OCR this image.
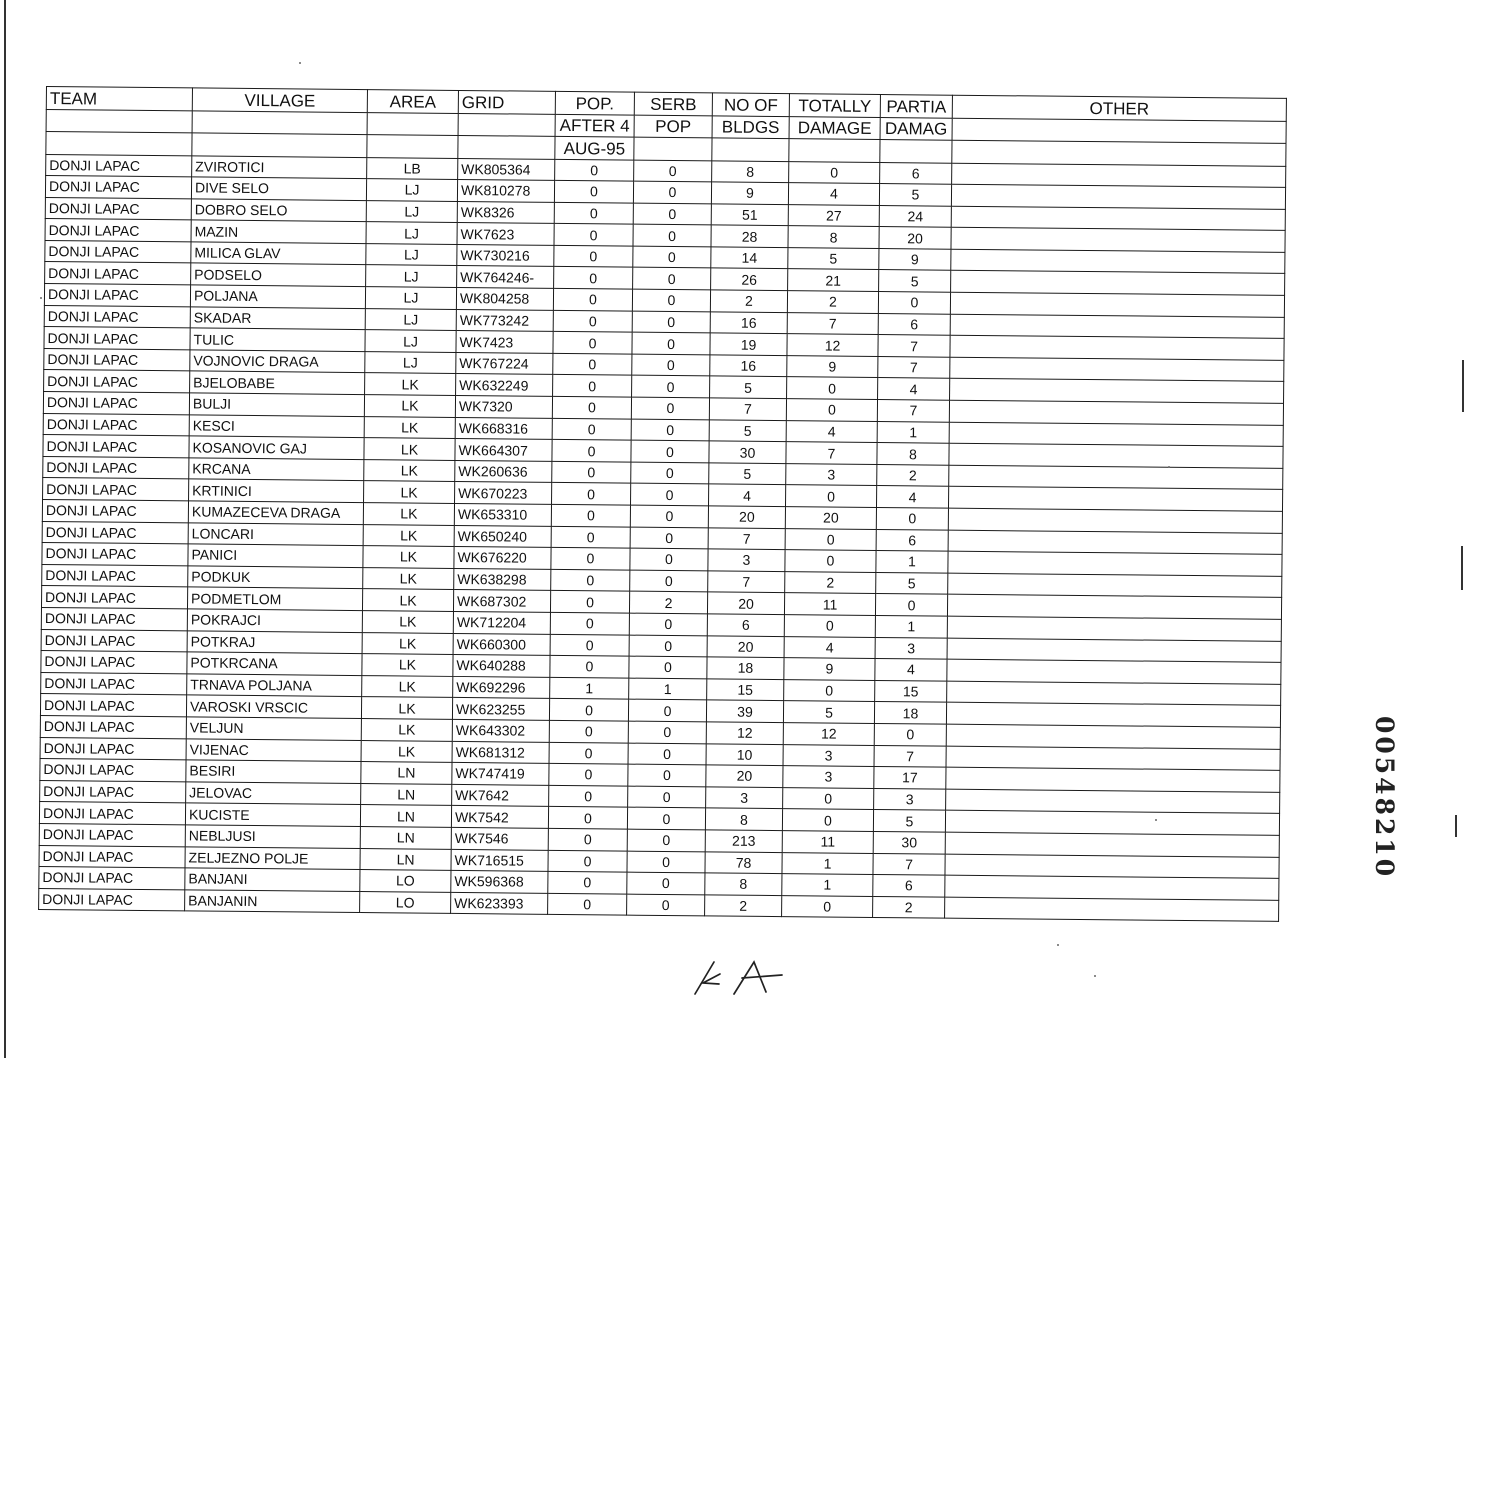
TEAM	VILLAGE	AREA	GRID	POP.	SERB	NO OF	TOTALLY	PARTIA	OTHER
				AFTER 4	POP	BLDGS	DAMAGE	DAMAG	
				AUG-95					
DONJI LAPAC	ZVIROTICI	LB	WK805364	0	0	8	0	6	
DONJI LAPAC	DIVE SELO	LJ	WK810278	0	0	9	4	5	
DONJI LAPAC	DOBRO SELO	LJ	WK8326	0	0	51	27	24	
DONJI LAPAC	MAZIN	LJ	WK7623	0	0	28	8	20	
DONJI LAPAC	MILICA GLAV	LJ	WK730216	0	0	14	5	9	
DONJI LAPAC	PODSELO	LJ	WK764246-	0	0	26	21	5	
DONJI LAPAC	POLJANA	LJ	WK804258	0	0	2	2	0	
DONJI LAPAC	SKADAR	LJ	WK773242	0	0	16	7	6	
DONJI LAPAC	TULIC	LJ	WK7423	0	0	19	12	7	
DONJI LAPAC	VOJNOVIC DRAGA	LJ	WK767224	0	0	16	9	7	
DONJI LAPAC	BJELOBABE	LK	WK632249	0	0	5	0	4	
DONJI LAPAC	BULJI	LK	WK7320	0	0	7	0	7	
DONJI LAPAC	KESCI	LK	WK668316	0	0	5	4	1	
DONJI LAPAC	KOSANOVIC GAJ	LK	WK664307	0	0	30	7	8	
DONJI LAPAC	KRCANA	LK	WK260636	0	0	5	3	2	
DONJI LAPAC	KRTINICI	LK	WK670223	0	0	4	0	4	
DONJI LAPAC	KUMAZECEVA DRAGA	LK	WK653310	0	0	20	20	0	
DONJI LAPAC	LONCARI	LK	WK650240	0	0	7	0	6	
DONJI LAPAC	PANICI	LK	WK676220	0	0	3	0	1	
DONJI LAPAC	PODKUK	LK	WK638298	0	0	7	2	5	
DONJI LAPAC	PODMETLOM	LK	WK687302	0	2	20	11	0	
DONJI LAPAC	POKRAJCI	LK	WK712204	0	0	6	0	1	
DONJI LAPAC	POTKRAJ	LK	WK660300	0	0	20	4	3	
DONJI LAPAC	POTKRCANA	LK	WK640288	0	0	18	9	4	
DONJI LAPAC	TRNAVA POLJANA	LK	WK692296	1	1	15	0	15	
DONJI LAPAC	VAROSKI VRSCIC	LK	WK623255	0	0	39	5	18	
DONJI LAPAC	VELJUN	LK	WK643302	0	0	12	12	0	
DONJI LAPAC	VIJENAC	LK	WK681312	0	0	10	3	7	
DONJI LAPAC	BESIRI	LN	WK747419	0	0	20	3	17	
DONJI LAPAC	JELOVAC	LN	WK7642	0	0	3	0	3	
DONJI LAPAC	KUCISTE	LN	WK7542	0	0	8	0	5	
DONJI LAPAC	NEBLJUSI	LN	WK7546	0	0	213	11	30	
DONJI LAPAC	ZELJEZNO POLJE	LN	WK716515	0	0	78	1	7	
DONJI LAPAC	BANJANI	LO	WK596368	0	0	8	1	6	
DONJI LAPAC	BANJANIN	LO	WK623393	0	0	2	0	2	
00548210
